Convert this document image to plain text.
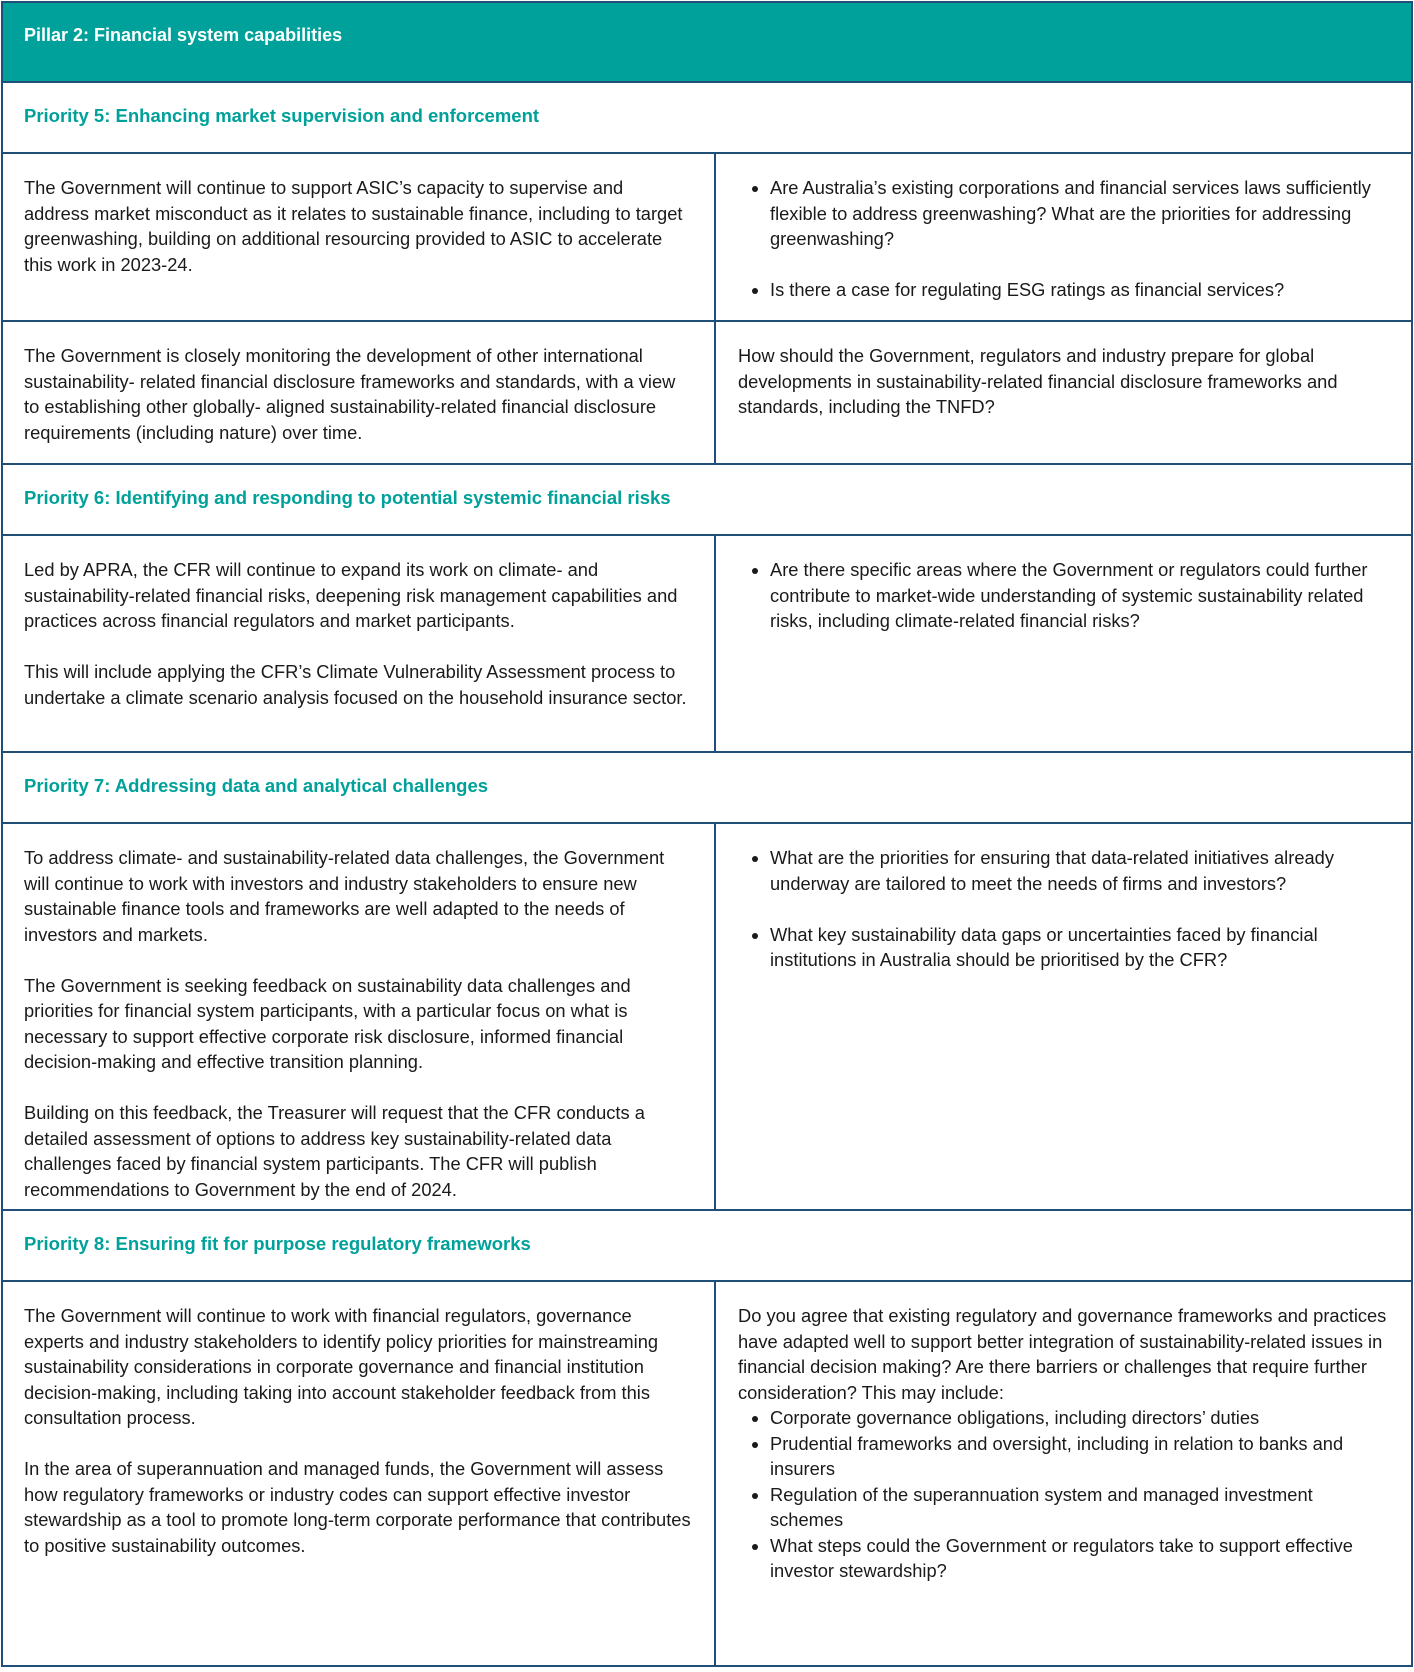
Pillar 2: Financial system capabilities
Priority 5: Enhancing market supervision and enforcement

The Government will continue to support ASIC’s capacity to supervise and address market misconduct as it relates to sustainable finance, including to target greenwashing, building on additional resourcing provided to ASIC to accelerate this work in 2023-24.

• Are Australia’s existing corporations and financial services laws sufficiently flexible to address greenwashing? What are the priorities for addressing greenwashing?
• Is there a case for regulating ESG ratings as financial services?

The Government is closely monitoring the development of other international sustainability- related financial disclosure frameworks and standards, with a view to establishing other globally- aligned sustainability-related financial disclosure requirements (including nature) over time.

How should the Government, regulators and industry prepare for global developments in sustainability-related financial disclosure frameworks and standards, including the TNFD?

Priority 6: Identifying and responding to potential systemic financial risks

Led by APRA, the CFR will continue to expand its work on climate- and sustainability-related financial risks, deepening risk management capabilities and practices across financial regulators and market participants.

This will include applying the CFR’s Climate Vulnerability Assessment process to undertake a climate scenario analysis focused on the household insurance sector.

• Are there specific areas where the Government or regulators could further contribute to market-wide understanding of systemic sustainability related risks, including climate-related financial risks?
Priority 7: Addressing data and analytical challenges

To address climate- and sustainability-related data challenges, the Government will continue to work with investors and industry stakeholders to ensure new sustainable finance tools and frameworks are well adapted to the needs of investors and markets.

The Government is seeking feedback on sustainability data challenges and priorities for financial system participants, with a particular focus on what is necessary to support effective corporate risk disclosure, informed financial decision-making and effective transition planning.

Building on this feedback, the Treasurer will request that the CFR conducts a detailed assessment of options to address key sustainability-related data challenges faced by financial system participants. The CFR will publish recommendations to Government by the end of 2024.

• What are the priorities for ensuring that data-related initiatives already underway are tailored to meet the needs of firms and investors?
• What key sustainability data gaps or uncertainties faced by financial institutions in Australia should be prioritised by the CFR?
Priority 8: Ensuring fit for purpose regulatory frameworks

The Government will continue to work with financial regulators, governance experts and industry stakeholders to identify policy priorities for mainstreaming sustainability considerations in corporate governance and financial institution decision-making, including taking into account stakeholder feedback from this consultation process.

In the area of superannuation and managed funds, the Government will assess how regulatory frameworks or industry codes can support effective investor stewardship as a tool to promote long-term corporate performance that contributes to positive sustainability outcomes.

Do you agree that existing regulatory and governance frameworks and practices have adapted well to support better integration of sustainability-related issues in financial decision making? Are there barriers or challenges that require further consideration? This may include:

• Corporate governance obligations, including directors’ duties
• Prudential frameworks and oversight, including in relation to banks and insurers
• Regulation of the superannuation system and managed investment schemes
• What steps could the Government or regulators take to support effective investor stewardship?
